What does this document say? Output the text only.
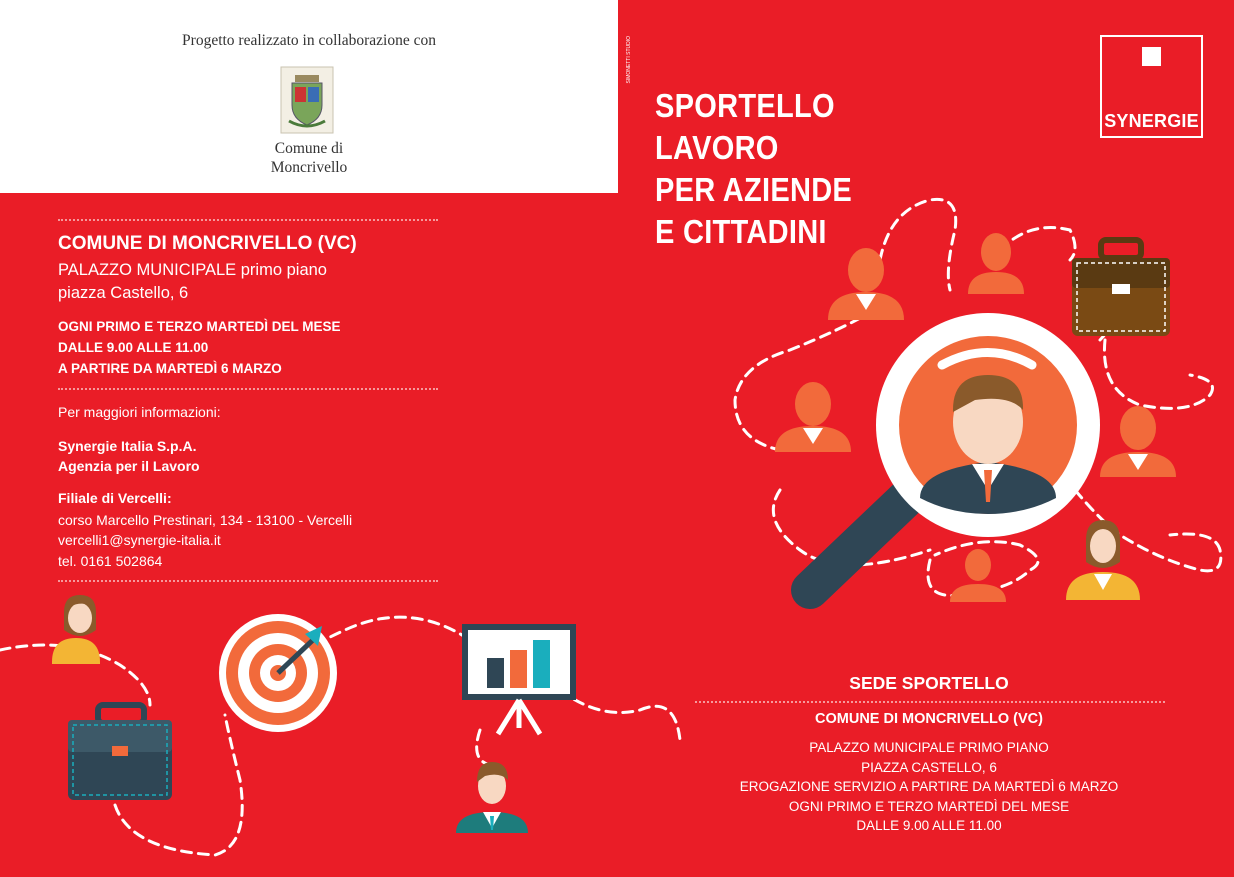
Progetto realizzato in collaborazione con
Comune di
Moncrivello
COMUNE DI MONCRIVELLO (VC)
PALAZZO MUNICIPALE primo piano
piazza Castello, 6
OGNI PRIMO E TERZO MARTEDÌ DEL MESE
DALLE 9.00 ALLE 11.00
A PARTIRE DA MARTEDÌ 6 MARZO
Per maggiori informazioni:
Synergie Italia S.p.A.
Agenzia per il Lavoro
Filiale di Vercelli:
corso Marcello Prestinari, 134 - 13100 - Vercelli
vercelli1@synergie-italia.it
tel. 0161 502864
SIMONETTI STUDIO
SPORTELLO
LAVORO
PER AZIENDE
E CITTADINI
SYNERGIE
SEDE SPORTELLO
COMUNE DI MONCRIVELLO (VC)
PALAZZO MUNICIPALE PRIMO PIANO
PIAZZA CASTELLO, 6
EROGAZIONE SERVIZIO A PARTIRE DA MARTEDÌ 6 MARZO
OGNI PRIMO E TERZO MARTEDÌ DEL MESE
DALLE 9.00 ALLE 11.00
